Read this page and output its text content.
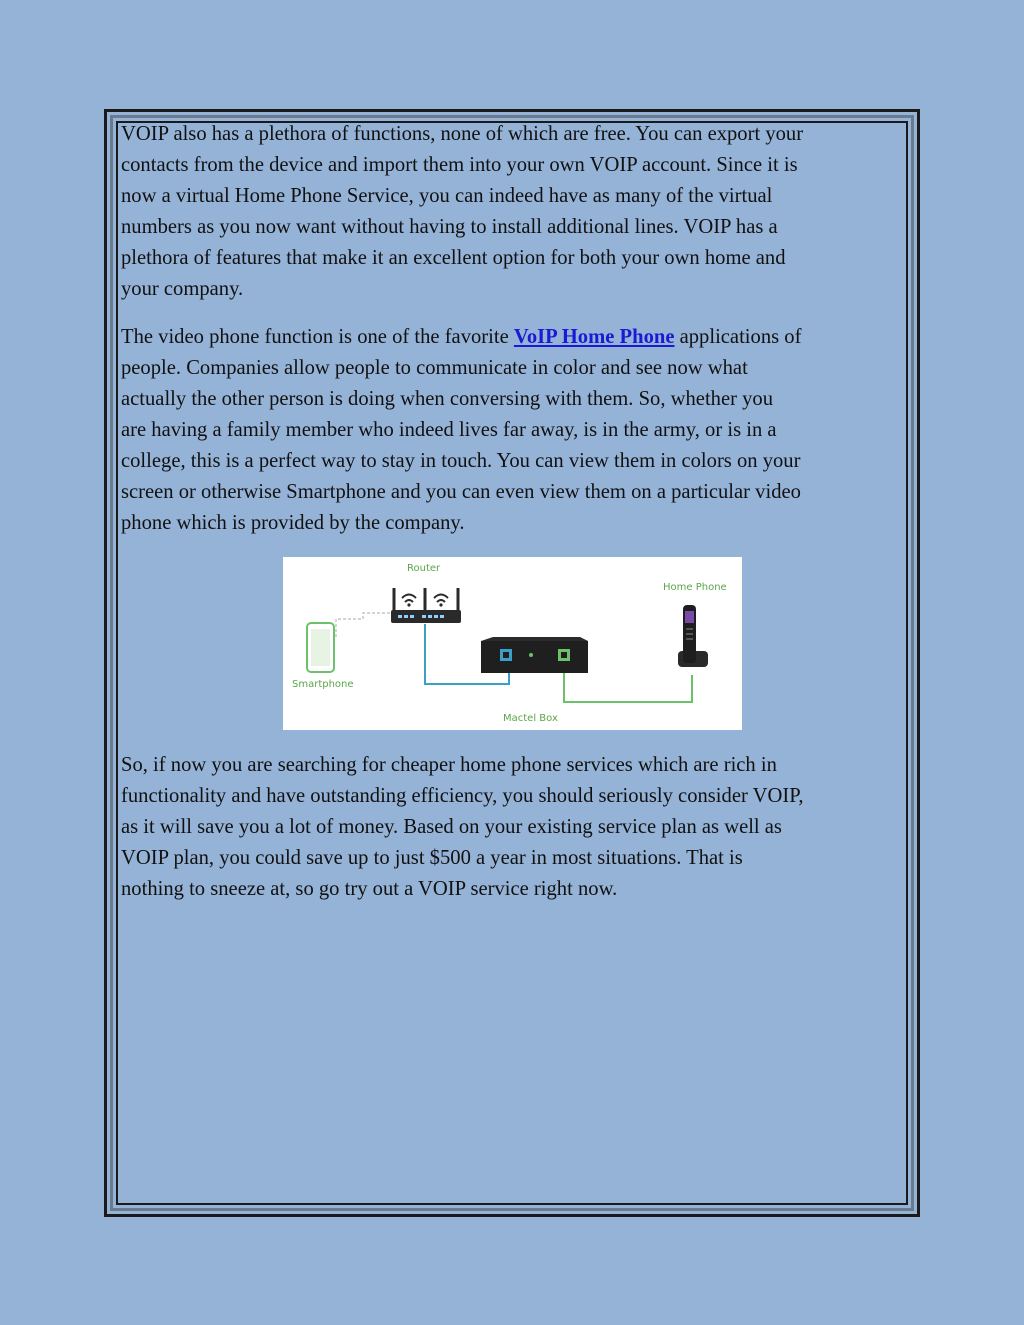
VOIP also has a plethora of functions, none of which are free. You can export your
contacts from the device and import them into your own VOIP account. Since it is
now a virtual Home Phone Service, you can indeed have as many of the virtual
numbers as you now want without having to install additional lines. VOIP has a
plethora of features that make it an excellent option for both your own home and
your company.

The video phone function is one of the favorite VoIP Home Phone applications of
people. Companies allow people to communicate in color and see now what
actually the other person is doing when conversing with them. So, whether you
are having a family member who indeed lives far away, is in the army, or is in a
college, this is a perfect way to stay in touch. You can view them in colors on your
screen or otherwise Smartphone and you can even view them on a particular video
phone which is provided by the company.

Router
Home Phone
Smartphone
Mactel Box

So, if now you are searching for cheaper home phone services which are rich in
functionality and have outstanding efficiency, you should seriously consider VOIP,
as it will save you a lot of money. Based on your existing service plan as well as
VOIP plan, you could save up to just $500 a year in most situations. That is
nothing to sneeze at, so go try out a VOIP service right now.
